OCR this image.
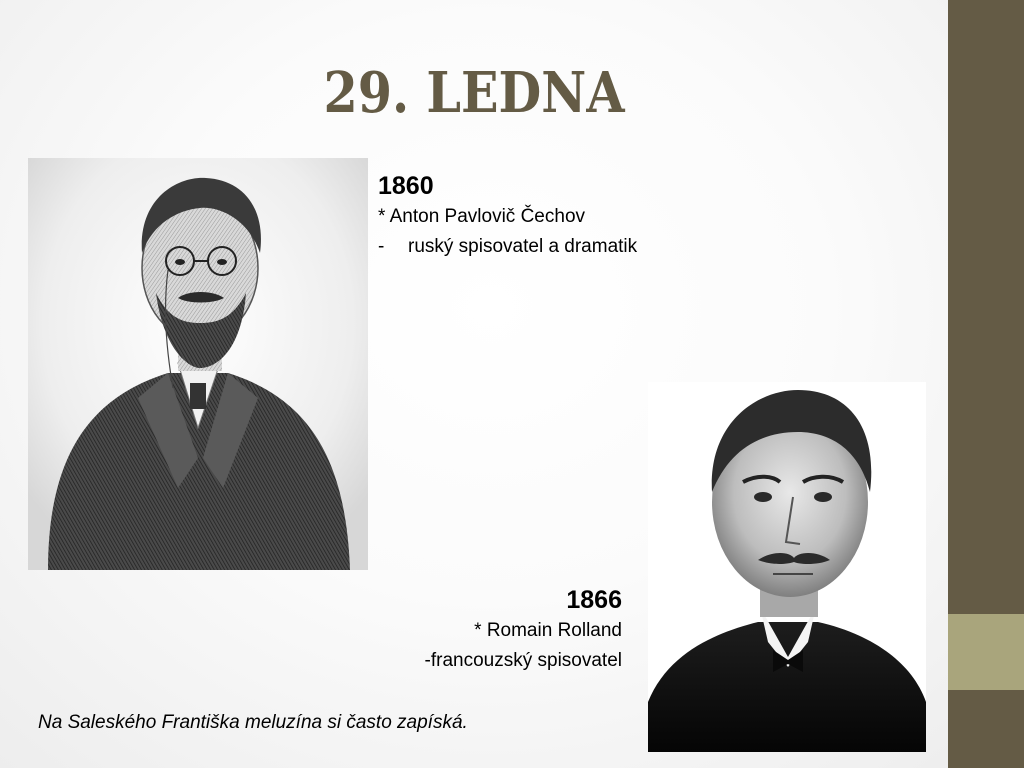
29. LEDNA
1860
* Anton Pavlovič Čechov
- ruský spisovatel a dramatik
1866
* Romain Rolland
-francouzský spisovatel
Na Saleského Františka meluzína si často zapíská.
